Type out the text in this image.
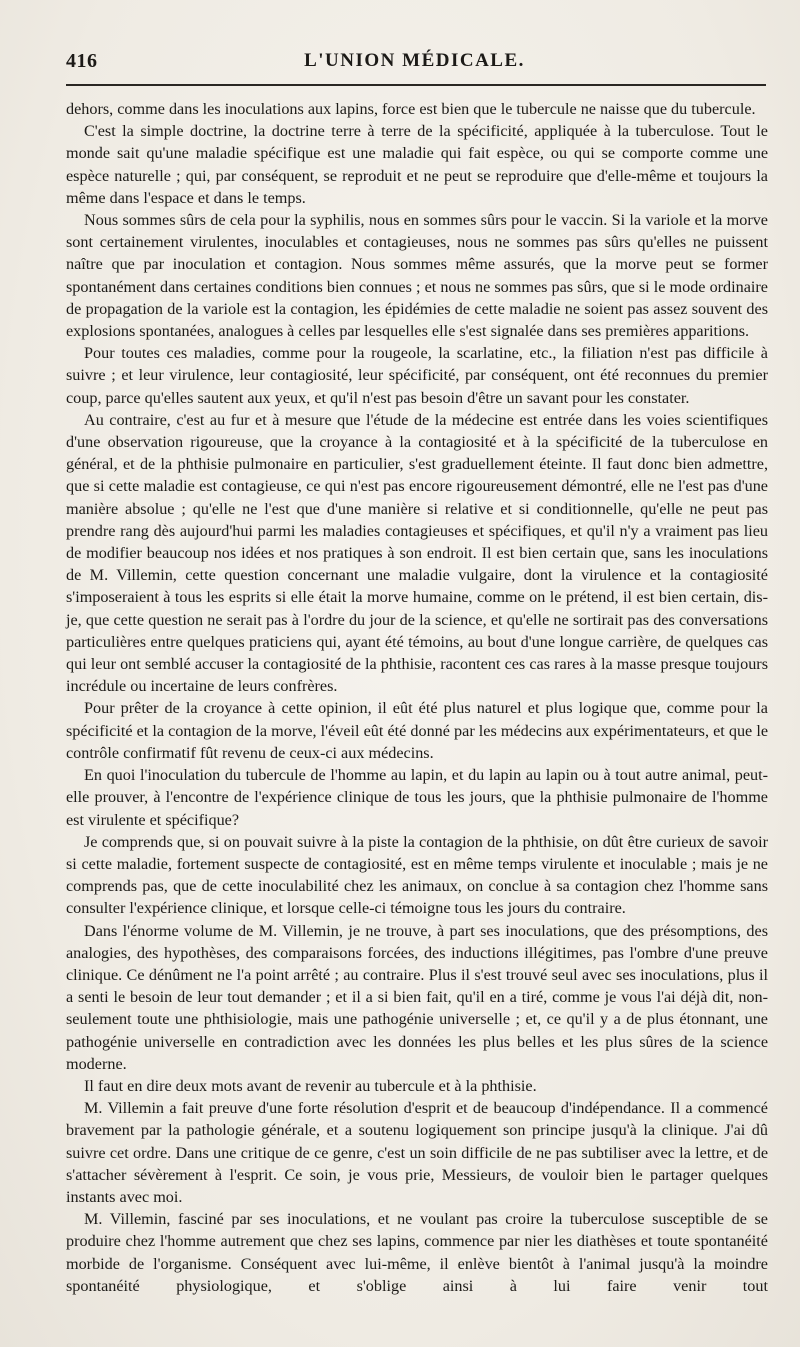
416	L'UNION MÉDICALE.

dehors, comme dans les inoculations aux lapins, force est bien que le tubercule ne naisse que du tubercule.

C'est la simple doctrine, la doctrine terre à terre de la spécificité, appliquée à la tuberculose. Tout le monde sait qu'une maladie spécifique est une maladie qui fait espèce, ou qui se comporte comme une espèce naturelle ; qui, par conséquent, se reproduit et ne peut se reproduire que d'elle-même et toujours la même dans l'espace et dans le temps.

Nous sommes sûrs de cela pour la syphilis, nous en sommes sûrs pour le vaccin. Si la variole et la morve sont certainement virulentes, inoculables et contagieuses, nous ne sommes pas sûrs qu'elles ne puissent naître que par inoculation et contagion. Nous sommes même assurés, que la morve peut se former spontanément dans certaines conditions bien connues ; et nous ne sommes pas sûrs, que si le mode ordinaire de propagation de la variole est la contagion, les épidémies de cette maladie ne soient pas assez souvent des explosions spontanées, analogues à celles par lesquelles elle s'est signalée dans ses premières apparitions.

Pour toutes ces maladies, comme pour la rougeole, la scarlatine, etc., la filiation n'est pas difficile à suivre ; et leur virulence, leur contagiosité, leur spécificité, par conséquent, ont été reconnues du premier coup, parce qu'elles sautent aux yeux, et qu'il n'est pas besoin d'être un savant pour les constater.

Au contraire, c'est au fur et à mesure que l'étude de la médecine est entrée dans les voies scientifiques d'une observation rigoureuse, que la croyance à la contagiosité et à la spécificité de la tuberculose en général, et de la phthisie pulmonaire en particulier, s'est graduellement éteinte. Il faut donc bien admettre, que si cette maladie est contagieuse, ce qui n'est pas encore rigoureusement démontré, elle ne l'est pas d'une manière absolue ; qu'elle ne l'est que d'une manière si relative et si conditionnelle, qu'elle ne peut pas prendre rang dès aujourd'hui parmi les maladies contagieuses et spécifiques, et qu'il n'y a vraiment pas lieu de modifier beaucoup nos idées et nos pratiques à son endroit. Il est bien certain que, sans les inoculations de M. Villemin, cette question concernant une maladie vulgaire, dont la virulence et la contagiosité s'imposeraient à tous les esprits si elle était la morve humaine, comme on le prétend, il est bien certain, dis-je, que cette question ne serait pas à l'ordre du jour de la science, et qu'elle ne sortirait pas des conversations particulières entre quelques praticiens qui, ayant été témoins, au bout d'une longue carrière, de quelques cas qui leur ont semblé accuser la contagiosité de la phthisie, racontent ces cas rares à la masse presque toujours incrédule ou incertaine de leurs confrères.

Pour prêter de la croyance à cette opinion, il eût été plus naturel et plus logique que, comme pour la spécificité et la contagion de la morve, l'éveil eût été donné par les médecins aux expérimentateurs, et que le contrôle confirmatif fût revenu de ceux-ci aux médecins.

En quoi l'inoculation du tubercule de l'homme au lapin, et du lapin au lapin ou à tout autre animal, peut-elle prouver, à l'encontre de l'expérience clinique de tous les jours, que la phthisie pulmonaire de l'homme est virulente et spécifique?

Je comprends que, si on pouvait suivre à la piste la contagion de la phthisie, on dût être curieux de savoir si cette maladie, fortement suspecte de contagiosité, est en même temps virulente et inoculable ; mais je ne comprends pas, que de cette inoculabilité chez les animaux, on conclue à sa contagion chez l'homme sans consulter l'expérience clinique, et lorsque celle-ci témoigne tous les jours du contraire.

Dans l'énorme volume de M. Villemin, je ne trouve, à part ses inoculations, que des présomptions, des analogies, des hypothèses, des comparaisons forcées, des inductions illégitimes, pas l'ombre d'une preuve clinique. Ce dénûment ne l'a point arrêté ; au contraire. Plus il s'est trouvé seul avec ses inoculations, plus il a senti le besoin de leur tout demander ; et il a si bien fait, qu'il en a tiré, comme je vous l'ai déjà dit, non-seulement toute une phthisiologie, mais une pathogénie universelle ; et, ce qu'il y a de plus étonnant, une pathogénie universelle en contradiction avec les données les plus belles et les plus sûres de la science moderne.

Il faut en dire deux mots avant de revenir au tubercule et à la phthisie.

M. Villemin a fait preuve d'une forte résolution d'esprit et de beaucoup d'indépendance. Il a commencé bravement par la pathologie générale, et a soutenu logiquement son principe jusqu'à la clinique. J'ai dû suivre cet ordre. Dans une critique de ce genre, c'est un soin difficile de ne pas subtiliser avec la lettre, et de s'attacher sévèrement à l'esprit. Ce soin, je vous prie, Messieurs, de vouloir bien le partager quelques instants avec moi.

M. Villemin, fasciné par ses inoculations, et ne voulant pas croire la tuberculose susceptible de se produire chez l'homme autrement que chez ses lapins, commence par nier les diathèses et toute spontanéité morbide de l'organisme. Conséquent avec lui-même, il enlève bientôt à l'animal jusqu'à la moindre spontanéité physiologique, et s'oblige ainsi à lui faire venir tout
